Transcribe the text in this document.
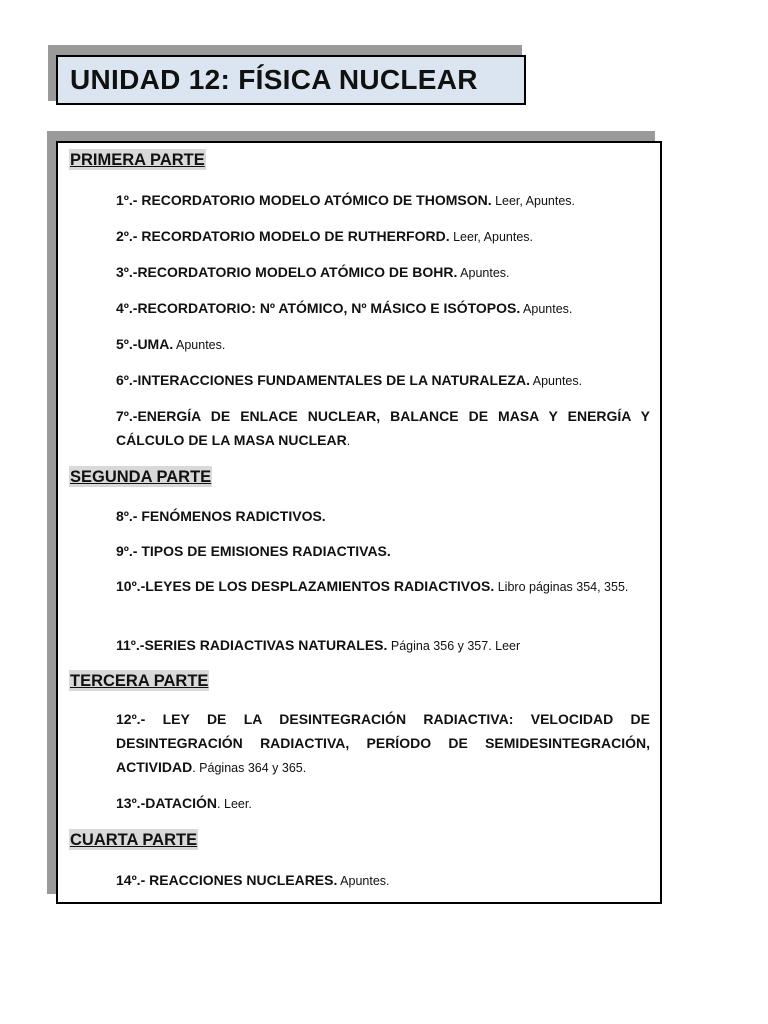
UNIDAD 12: FÍSICA NUCLEAR
PRIMERA PARTE
1º.- RECORDATORIO MODELO ATÓMICO DE THOMSON. Leer, Apuntes.
2º.- RECORDATORIO MODELO DE RUTHERFORD. Leer, Apuntes.
3º.-RECORDATORIO MODELO ATÓMICO DE BOHR. Apuntes.
4º.-RECORDATORIO: Nº ATÓMICO, Nº MÁSICO E ISÓTOPOS. Apuntes.
5º.-UMA. Apuntes.
6º.-INTERACCIONES FUNDAMENTALES DE LA NATURALEZA. Apuntes.
7º.-ENERGÍA DE ENLACE NUCLEAR, BALANCE DE MASA Y ENERGÍA Y CÁLCULO DE LA MASA NUCLEAR.
SEGUNDA PARTE
8º.- FENÓMENOS RADICTIVOS.
9º.- TIPOS DE EMISIONES RADIACTIVAS.
10º.-LEYES DE LOS DESPLAZAMIENTOS RADIACTIVOS. Libro páginas 354, 355.
11º.-SERIES RADIACTIVAS NATURALES. Página 356 y 357. Leer
TERCERA PARTE
12º.- LEY DE LA DESINTEGRACIÓN RADIACTIVA: VELOCIDAD DE DESINTEGRACIÓN RADIACTIVA, PERÍODO DE SEMIDESINTEGRACIÓN, ACTIVIDAD. Páginas 364 y 365.
13º.-DATACIÓN. Leer.
CUARTA PARTE
14º.- REACCIONES NUCLEARES. Apuntes.
